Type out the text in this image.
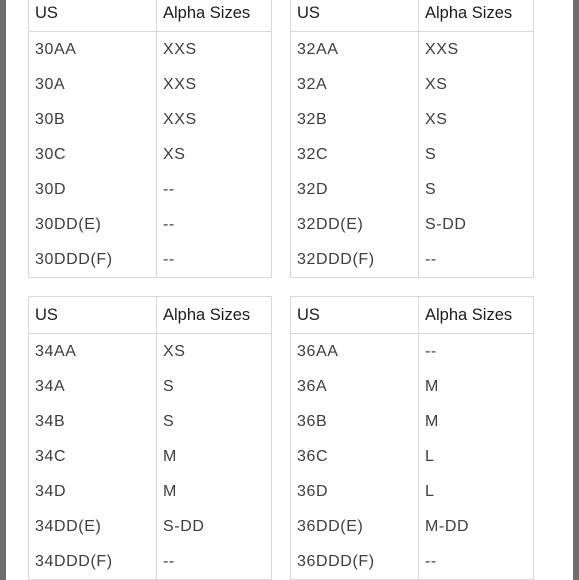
US	Alpha Sizes
30AA	XXS
30A	XXS
30B	XXS
30C	XS
30D	--
30DD(E)	--
30DDD(F)	--
US	Alpha Sizes
32AA	XXS
32A	XS
32B	XS
32C	S
32D	S
32DD(E)	S-DD
32DDD(F)	--
US	Alpha Sizes
34AA	XS
34A	S
34B	S
34C	M
34D	M
34DD(E)	S-DD
34DDD(F)	--
US	Alpha Sizes
36AA	--
36A	M
36B	M
36C	L
36D	L
36DD(E)	M-DD
36DDD(F)	--
